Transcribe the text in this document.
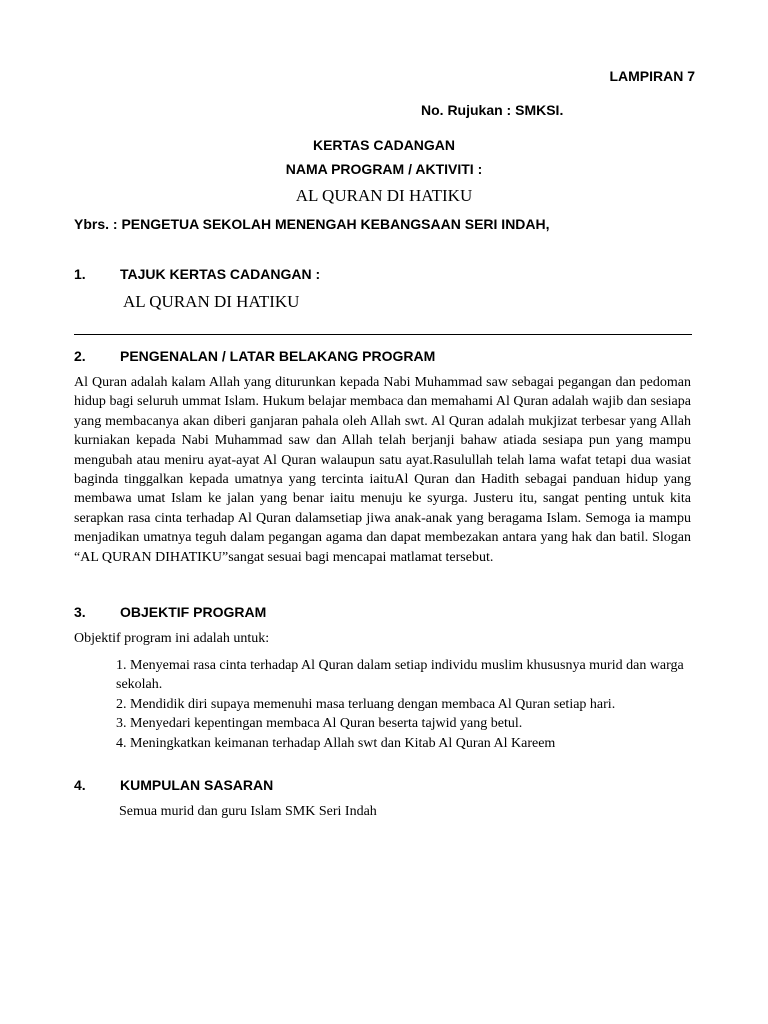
LAMPIRAN 7
No. Rujukan : SMKSI.
KERTAS CADANGAN
NAMA PROGRAM / AKTIVITI :
AL QURAN DI HATIKU
Ybrs. : PENGETUA SEKOLAH MENENGAH KEBANGSAAN SERI INDAH,
1. TAJUK KERTAS CADANGAN :
AL QURAN DI HATIKU
2. PENGENALAN / LATAR BELAKANG PROGRAM
Al Quran adalah kalam Allah yang diturunkan kepada Nabi Muhammad saw sebagai pegangan dan pedoman hidup bagi seluruh ummat Islam. Hukum belajar membaca dan memahami Al Quran adalah wajib dan sesiapa yang membacanya akan diberi ganjaran pahala oleh Allah swt. Al Quran adalah mukjizat terbesar yang Allah kurniakan kepada Nabi Muhammad saw dan Allah telah berjanji bahaw atiada sesiapa pun yang mampu mengubah atau meniru ayat-ayat Al Quran walaupun satu ayat.Rasulullah telah lama wafat tetapi dua wasiat baginda tinggalkan kepada umatnya yang tercinta iaituAl Quran dan Hadith sebagai panduan hidup yang membawa umat Islam ke jalan yang benar iaitu menuju ke syurga. Justeru itu, sangat penting untuk kita serapkan rasa cinta terhadap Al Quran dalamsetiap jiwa anak-anak yang beragama Islam. Semoga ia mampu menjadikan umatnya teguh dalam pegangan agama dan dapat membezakan antara yang hak dan batil. Slogan “AL QURAN DIHATIKU”sangat sesuai bagi mencapai matlamat tersebut.
3. OBJEKTIF PROGRAM
Objektif program ini adalah untuk:
1. Menyemai rasa cinta terhadap Al Quran dalam setiap individu muslim khususnya murid dan warga sekolah.
2. Mendidik diri supaya memenuhi masa terluang dengan membaca Al Quran setiap hari.
3. Menyedari kepentingan membaca Al Quran beserta tajwid yang betul.
4. Meningkatkan keimanan terhadap Allah swt dan Kitab Al Quran Al Kareem
4. KUMPULAN SASARAN
Semua murid dan guru Islam SMK Seri Indah
